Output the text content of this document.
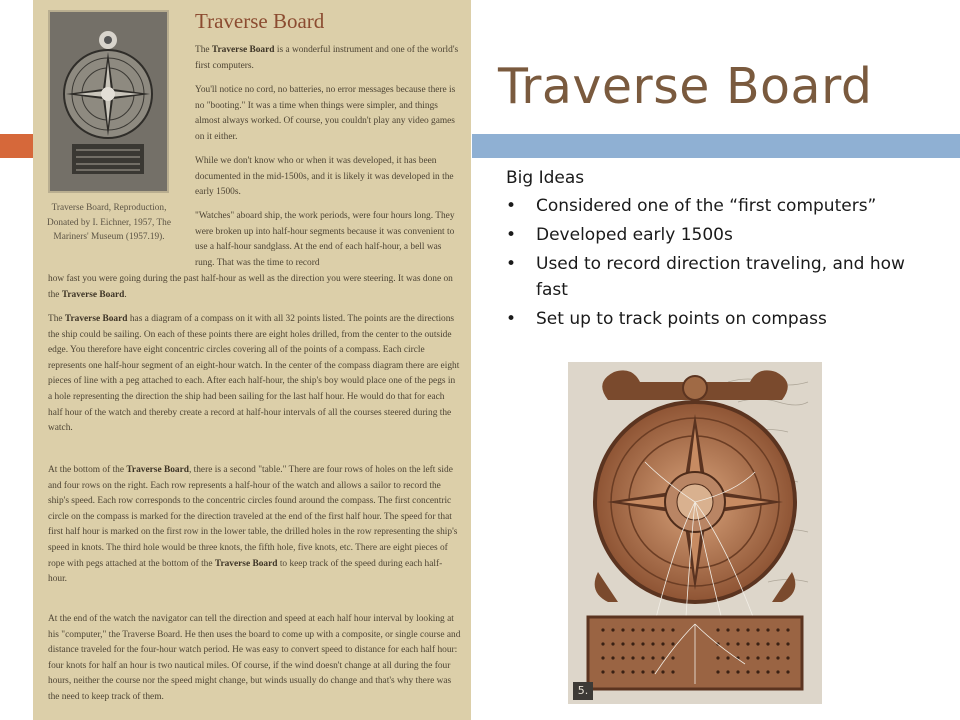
Traverse Board, Reproduction, Donated by I. Eichner, 1957, The Mariners' Museum (1957.19).
Traverse Board

The Traverse Board is a wonderful instrument and one of the world's first computers.

You'll notice no cord, no batteries, no error messages because there is no "booting." It was a time when things were simpler, and things almost always worked. Of course, you couldn't play any video games on it either.

While we don't know who or when it was developed, it has been documented in the mid-1500s, and it is likely it was developed in the early 1500s.

"Watches" aboard ship, the work periods, were four hours long. They were broken up into half-hour segments because it was convenient to use a half-hour sandglass. At the end of each half-hour, a bell was rung. That was the time to record

how fast you were going during the past half-hour as well as the direction you were steering. It was done on the Traverse Board.

The Traverse Board has a diagram of a compass on it with all 32 points listed. The points are the directions the ship could be sailing. On each of these points there are eight holes drilled, from the center to the outside edge. You therefore have eight concentric circles covering all of the points of a compass. Each circle represents one half-hour segment of an eight-hour watch. In the center of the compass diagram there are eight pieces of line with a peg attached to each. After each half-hour, the ship's boy would place one of the pegs in a hole representing the direction the ship had been sailing for the last half hour. He would do that for each half hour of the watch and thereby create a record at half-hour intervals of all the courses steered during the watch.

At the bottom of the Traverse Board, there is a second "table." There are four rows of holes on the left side and four rows on the right. Each row represents a half-hour of the watch and allows a sailor to record the ship's speed. Each row corresponds to the concentric circles found around the compass. The first concentric circle on the compass is marked for the direction traveled at the end of the first half hour. The speed for that first half hour is marked on the first row in the lower table, the drilled holes in the row representing the ship's speed in knots. The third hole would be three knots, the fifth hole, five knots, etc. There are eight pieces of rope with pegs attached at the bottom of the Traverse Board to keep track of the speed during each half-hour.

At the end of the watch the navigator can tell the direction and speed at each half hour interval by looking at his "computer," the Traverse Board. He then uses the board to come up with a composite, or single course and distance traveled for the four-hour watch period. He was easy to convert speed to distance for each half hour: four knots for half an hour is two nautical miles. Of course, if the wind doesn't change at all during the four hours, neither the course nor the speed might change, but winds usually do change and that's why there was the need to keep track of them.

Traverse Board
Big Ideas
• Considered one of the “first computers”
• Developed early 1500s
• Used to record direction traveling, and how fast
• Set up to track points on compass
5.
